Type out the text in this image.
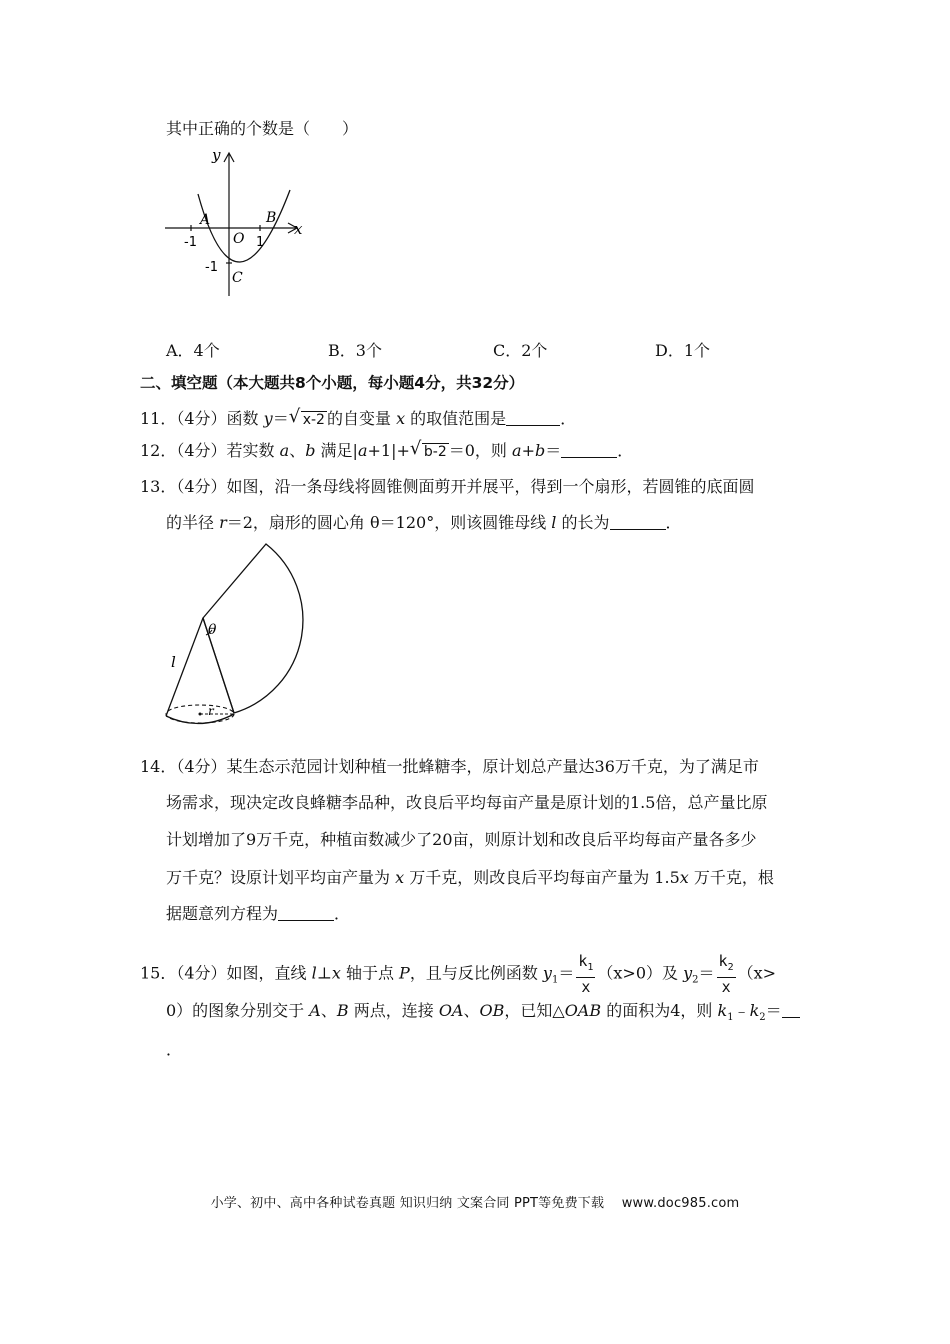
其中正确的个数是（　　）
y
x
A	B
C
O
-1	1
-1
A．4个	B．3个	C．2个	D．1个
二、填空题（本大题共8个小题，每小题4分，共32分）
11．（4分）函数 y＝ √ x-2 的自变量 x 的取值范围是	．
12．（4分）若实数 a、b 满足|a+1|+ √ b-2 ＝0，则 a+b＝	．
13．（4分）如图，沿一条母线将圆锥侧面剪开并展平，得到一个扇形，若圆锥的底面圆
的半径 r＝2，扇形的圆心角 θ＝120°，则该圆锥母线 l 的长为	．
θ
l
r
14．（4分）某生态示范园计划种植一批蜂糖李，原计划总产量达36万千克，为了满足市
场需求，现决定改良蜂糖李品种，改良后平均每亩产量是原计划的1.5倍，总产量比原
计划增加了9万千克，种植亩数减少了20亩，则原计划和改良后平均每亩产量各多少
万千克？设原计划平均亩产量为 x 万千克，则改良后平均每亩产量为 1.5x 万千克，根
据题意列方程为	．
15．（4分）如图，直线 l⊥x 轴于点 P，且与反比例函数 $y_1= \frac{k_1}{x} (x>0)$及 $y_2= \frac{k_2}{x} (x>$
0）的图象分别交于 A、B 两点，连接 OA、OB，已知△OAB 的面积为4，则 $k_1﹣k_2=$
．
小学、初中、高中各种试卷真题 知识归纳 文案合同 PPT等免费下载 　www.doc985.com
